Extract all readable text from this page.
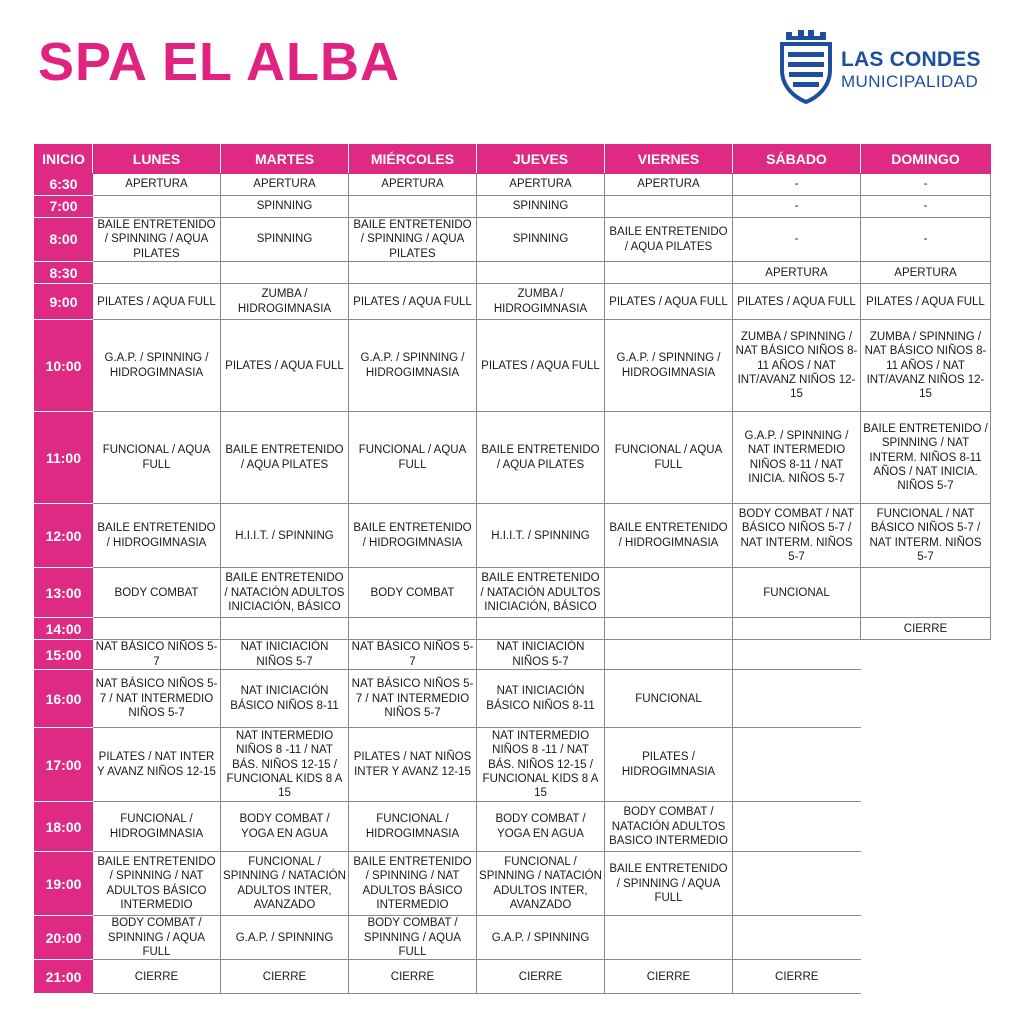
SPA EL ALBA	LAS CONDES
MUNICIPALIDAD
INICIO	LUNES	MARTES	MIÉRCOLES	JUEVES	VIERNES	SÁBADO	DOMINGO
6:30	APERTURA	APERTURA	APERTURA	APERTURA	APERTURA	-	-
7:00		SPINNING		SPINNING		-	-
8:00	BAILE ENTRETENIDO / SPINNING / AQUA PILATES	SPINNING	BAILE ENTRETENIDO / SPINNING / AQUA PILATES	SPINNING	BAILE ENTRETENIDO / AQUA PILATES	-	-
8:30						APERTURA	APERTURA
9:00	PILATES / AQUA FULL	ZUMBA / HIDROGIMNASIA	PILATES / AQUA FULL	ZUMBA / HIDROGIMNASIA	PILATES / AQUA FULL	PILATES / AQUA FULL	PILATES / AQUA FULL
10:00	G.A.P. / SPINNING / HIDROGIMNASIA	PILATES / AQUA FULL	G.A.P. / SPINNING / HIDROGIMNASIA	PILATES / AQUA FULL	G.A.P. / SPINNING / HIDROGIMNASIA	ZUMBA / SPINNING / NAT BÁSICO NIÑOS 8-11 AÑOS / NAT INT/AVANZ NIÑOS 12-15	ZUMBA / SPINNING / NAT BÁSICO NIÑOS 8-11 AÑOS / NAT INT/AVANZ NIÑOS 12-15
11:00	FUNCIONAL / AQUA FULL	BAILE ENTRETENIDO / AQUA PILATES	FUNCIONAL / AQUA FULL	BAILE ENTRETENIDO / AQUA PILATES	FUNCIONAL / AQUA FULL	G.A.P. / SPINNING / NAT INTERMEDIO NIÑOS 8-11 / NAT INICIA. NIÑOS 5-7	BAILE ENTRETENIDO / SPINNING / NAT INTERM. NIÑOS 8-11 AÑOS / NAT INICIA. NIÑOS 5-7
12:00	BAILE ENTRETENIDO / HIDROGIMNASIA	H.I.I.T. / SPINNING	BAILE ENTRETENIDO / HIDROGIMNASIA	H.I.I.T. / SPINNING	BAILE ENTRETENIDO / HIDROGIMNASIA	BODY COMBAT / NAT BÁSICO NIÑOS 5-7 / NAT INTERM. NIÑOS 5-7	FUNCIONAL / NAT BÁSICO NIÑOS 5-7 / NAT INTERM. NIÑOS 5-7
13:00	BODY COMBAT	BAILE ENTRETENIDO / NATACIÓN ADULTOS INICIACIÓN, BÁSICO	BODY COMBAT	BAILE ENTRETENIDO / NATACIÓN ADULTOS INICIACIÓN, BÁSICO		FUNCIONAL	
14:00							CIERRE
15:00	NAT BÁSICO NIÑOS 5-7	NAT INICIACIÓN NIÑOS 5-7	NAT BÁSICO NIÑOS 5-7	NAT INICIACIÓN NIÑOS 5-7			
16:00	NAT BÁSICO NIÑOS 5-7 / NAT INTERMEDIO NIÑOS 5-7	NAT INICIACIÓN BÁSICO NIÑOS 8-11	NAT BÁSICO NIÑOS 5-7 / NAT INTERMEDIO NIÑOS 5-7	NAT INICIACIÓN BÁSICO NIÑOS 8-11	FUNCIONAL		
17:00	PILATES / NAT INTER Y AVANZ NIÑOS 12-15	NAT INTERMEDIO NIÑOS 8 -11 / NAT BÁS. NIÑOS 12-15 / FUNCIONAL KIDS 8 A 15	PILATES / NAT NIÑOS INTER Y AVANZ 12-15	NAT INTERMEDIO NIÑOS 8 -11 / NAT BÁS. NIÑOS 12-15 / FUNCIONAL KIDS 8 A 15	PILATES / HIDROGIMNASIA		
18:00	FUNCIONAL / HIDROGIMNASIA	BODY COMBAT / YOGA EN AGUA	FUNCIONAL / HIDROGIMNASIA	BODY COMBAT / YOGA EN AGUA	BODY COMBAT / NATACIÓN ADULTOS BASICO INTERMEDIO		
19:00	BAILE ENTRETENIDO / SPINNING / NAT ADULTOS BÁSICO INTERMEDIO	FUNCIONAL / SPINNING / NATACIÓN ADULTOS INTER, AVANZADO	BAILE ENTRETENIDO / SPINNING / NAT ADULTOS BÁSICO INTERMEDIO	FUNCIONAL / SPINNING / NATACIÓN ADULTOS INTER, AVANZADO	BAILE ENTRETENIDO / SPINNING / AQUA FULL		
20:00	BODY COMBAT / SPINNING / AQUA FULL	G.A.P. / SPINNING	BODY COMBAT / SPINNING / AQUA FULL	G.A.P. / SPINNING			
21:00	CIERRE	CIERRE	CIERRE	CIERRE	CIERRE	CIERRE	
